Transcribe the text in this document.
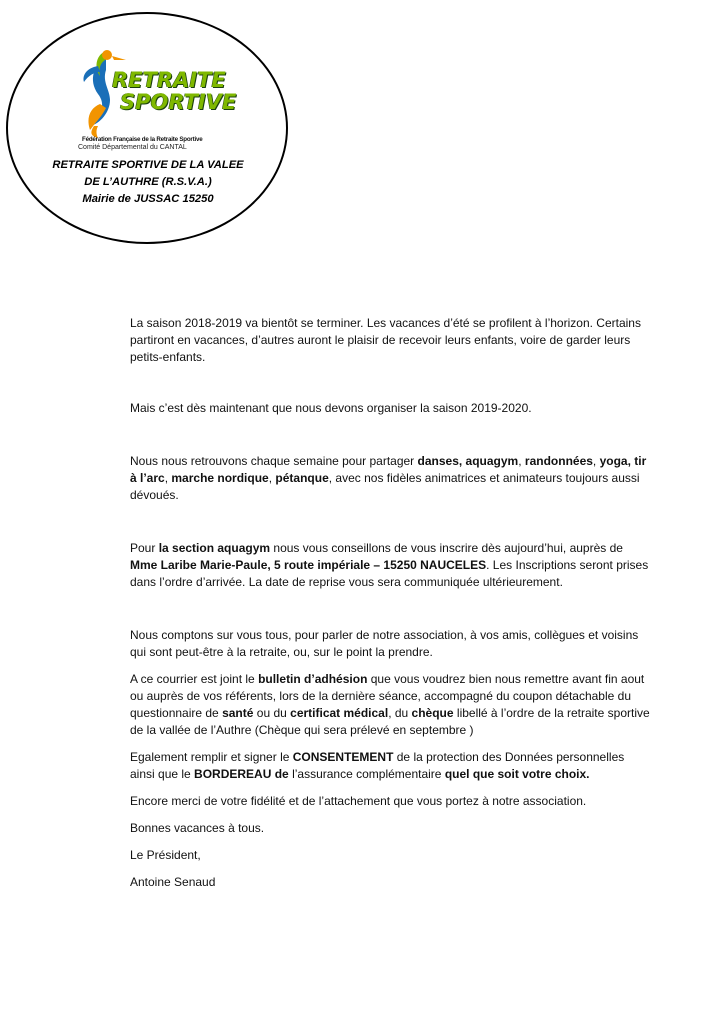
RETRAITE
SPORTIVE
Fédération Française de la Retraite Sportive
Comité Départemental du CANTAL
RETRAITE SPORTIVE DE LA VALEE
DE L’AUTHRE (R.S.V.A.)
Mairie de JUSSAC 15250

La saison 2018-2019 va bientôt se terminer. Les vacances d’été se profilent à l’horizon. Certains partiront en vacances, d’autres auront le plaisir de recevoir leurs enfants, voire de garder leurs petits-enfants.

Mais c’est dès maintenant que nous devons organiser la saison 2019-2020.

Nous nous retrouvons chaque semaine pour partager danses, aquagym, randonnées, yoga, tir à l’arc, marche nordique, pétanque, avec nos fidèles animatrices et animateurs toujours aussi dévoués.

Pour la section aquagym nous vous conseillons de vous inscrire dès aujourd’hui, auprès de Mme Laribe Marie-Paule, 5 route impériale – 15250 NAUCELES. Les Inscriptions seront prises dans l’ordre d’arrivée. La date de reprise vous sera communiquée ultérieurement.

Nous comptons sur vous tous, pour parler de notre association, à vos amis, collègues et voisins qui sont peut-être à la retraite, ou, sur le point la prendre.

A ce courrier est joint le bulletin d’adhésion que vous voudrez bien nous remettre avant fin aout ou auprès de vos référents, lors de la dernière séance, accompagné du coupon détachable du questionnaire de santé ou du certificat médical, du chèque libellé à l’ordre de la retraite sportive de la vallée de l’Authre (Chèque qui sera prélevé en septembre )

Egalement remplir et signer le CONSENTEMENT de la protection des Données personnelles ainsi que le BORDEREAU de l’assurance complémentaire quel que soit votre choix.

Encore merci de votre fidélité et de l’attachement que vous portez à notre association.

Bonnes vacances à tous.

Le Président,

Antoine Senaud
